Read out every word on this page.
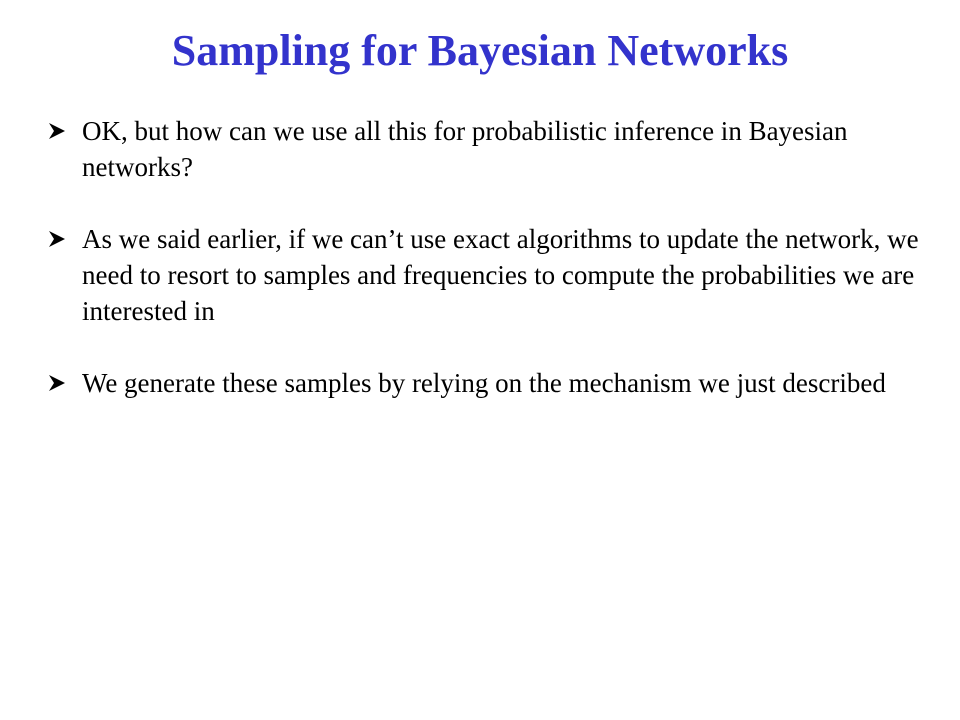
Sampling for Bayesian Networks
OK, but how can we use all this for probabilistic inference in Bayesian networks?
As we said earlier, if we can’t use exact algorithms to update the network, we need to resort to samples and frequencies to compute the probabilities we are interested in
We generate these samples by relying on the mechanism we just described
